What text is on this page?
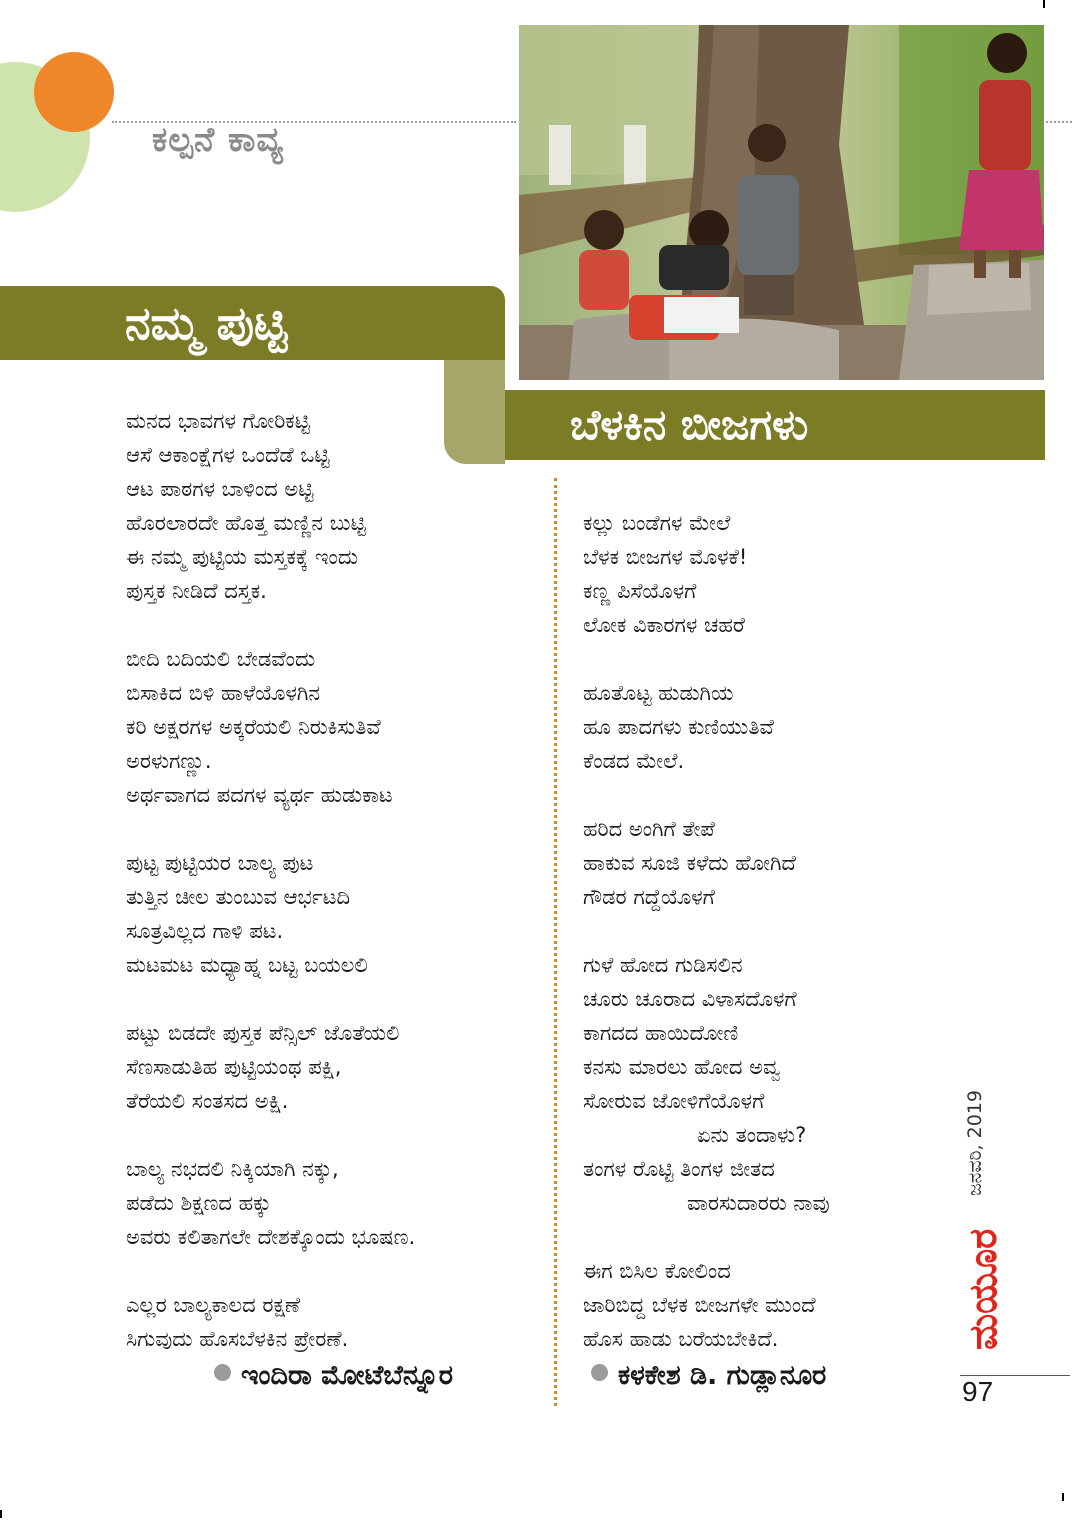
ಕಲ್ಪನೆ ಕಾವ್ಯ
ನಮ್ಮ ಪುಟ್ಟಿ
ಬೆಳಕಿನ ಬೀಜಗಳು
ಮನದ ಭಾವಗಳ ಗೋರಿಕಟ್ಟಿ
ಆಸೆ ಆಕಾಂಕ್ಷೆಗಳ ಒಂದೆಡೆ ಒಟ್ಟಿ
ಆಟ ಪಾಠಗಳ ಬಾಳಿಂದ ಅಟ್ಟಿ
ಹೊರಲಾರದೇ ಹೊತ್ತ ಮಣ್ಣಿನ ಬುಟ್ಟಿ
ಈ ನಮ್ಮ ಪುಟ್ಟಿಯ ಮಸ್ತಕಕ್ಕೆ ಇಂದು
ಪುಸ್ತಕ ನೀಡಿದೆ ದಸ್ತಕ.
ಬೀದಿ ಬದಿಯಲಿ ಬೇಡವೆಂದು
ಬಿಸಾಕಿದ ಬಿಳಿ ಹಾಳೆಯೊಳಗಿನ
ಕರಿ ಅಕ್ಷರಗಳ ಅಕ್ಕರೆಯಲಿ ನಿರುಕಿಸುತಿವೆ
ಅರಳುಗಣ್ಣು.
ಅರ್ಥವಾಗದ ಪದಗಳ ವ್ಯರ್ಥ ಹುಡುಕಾಟ
ಪುಟ್ಟ ಪುಟ್ಟಿಯರ ಬಾಲ್ಯ ಪುಟ
ತುತ್ತಿನ ಚೀಲ ತುಂಬುವ ಆರ್ಭಟದಿ
ಸೂತ್ರವಿಲ್ಲದ ಗಾಳಿ ಪಟ.
ಮಟಮಟ ಮಧ್ಯಾಹ್ನ ಬಟ್ಟ ಬಯಲಲಿ
ಪಟ್ಟು ಬಿಡದೇ ಪುಸ್ತಕ ಪೆನ್ಸಿಲ್ ಜೊತೆಯಲಿ
ಸೆಣಸಾಡುತಿಹ ಪುಟ್ಟಿಯಂಥ ಪಕ್ಷಿ,
ತೆರೆಯಲಿ ಸಂತಸದ ಅಕ್ಷಿ.
ಬಾಲ್ಯ ನಭದಲಿ ನಿಕ್ಕಿಯಾಗಿ ನಕ್ಕು,
ಪಡೆದು ಶಿಕ್ಷಣದ ಹಕ್ಕು
ಅವರು ಕಲಿತಾಗಲೇ ದೇಶಕ್ಕೊಂದು ಭೂಷಣ.
ಎಲ್ಲರ ಬಾಲ್ಯಕಾಲದ ರಕ್ಷಣೆ
ಸಿಗುವುದು ಹೊಸಬೆಳಕಿನ ಪ್ರೇರಣೆ.
ಇಂದಿರಾ ಮೋಟೆಬೆನ್ನೂರ
ಕಲ್ಲು ಬಂಡೆಗಳ ಮೇಲೆ
ಬೆಳಕ ಬೀಜಗಳ ಮೊಳಕೆ!
ಕಣ್ಣ ಪಿಸೆಯೊಳಗೆ
ಲೋಕ ವಿಕಾರಗಳ ಚಹರೆ
ಹೂತೊಟ್ಟ ಹುಡುಗಿಯ
ಹೂ ಪಾದಗಳು ಕುಣಿಯುತಿವೆ
ಕೆಂಡದ ಮೇಲೆ.
ಹರಿದ ಅಂಗಿಗೆ ತೇಪೆ
ಹಾಕುವ ಸೂಜಿ ಕಳೆದು ಹೋಗಿದೆ
ಗೌಡರ ಗದ್ದೆಯೊಳಗೆ
ಗುಳೆ ಹೋದ ಗುಡಿಸಲಿನ
ಚೂರು ಚೂರಾದ ವಿಳಾಸದೊಳಗೆ
ಕಾಗದದ ಹಾಯಿದೋಣಿ
ಕನಸು ಮಾರಲು ಹೋದ ಅವ್ವ
ಸೋರುವ ಜೋಳಿಗೆಯೊಳಗೆ
ಏನು ತಂದಾಳು?
ತಂಗಳ ರೊಟ್ಟಿ ತಿಂಗಳ ಜೀತದ
ವಾರಸುದಾರರು ನಾವು
ಈಗ ಬಿಸಿಲ ಕೋಲಿಂದ
ಜಾರಿಬಿದ್ದ ಬೆಳಕ ಬೀಜಗಳೇ ಮುಂದೆ
ಹೊಸ ಹಾಡು ಬರೆಯಬೇಕಿದೆ.
ಕಳಕೇಶ ಡಿ. ಗುಡ್ಲಾನೂರ
ಜನವರಿ, 2019
ಮಯೂರ
97
